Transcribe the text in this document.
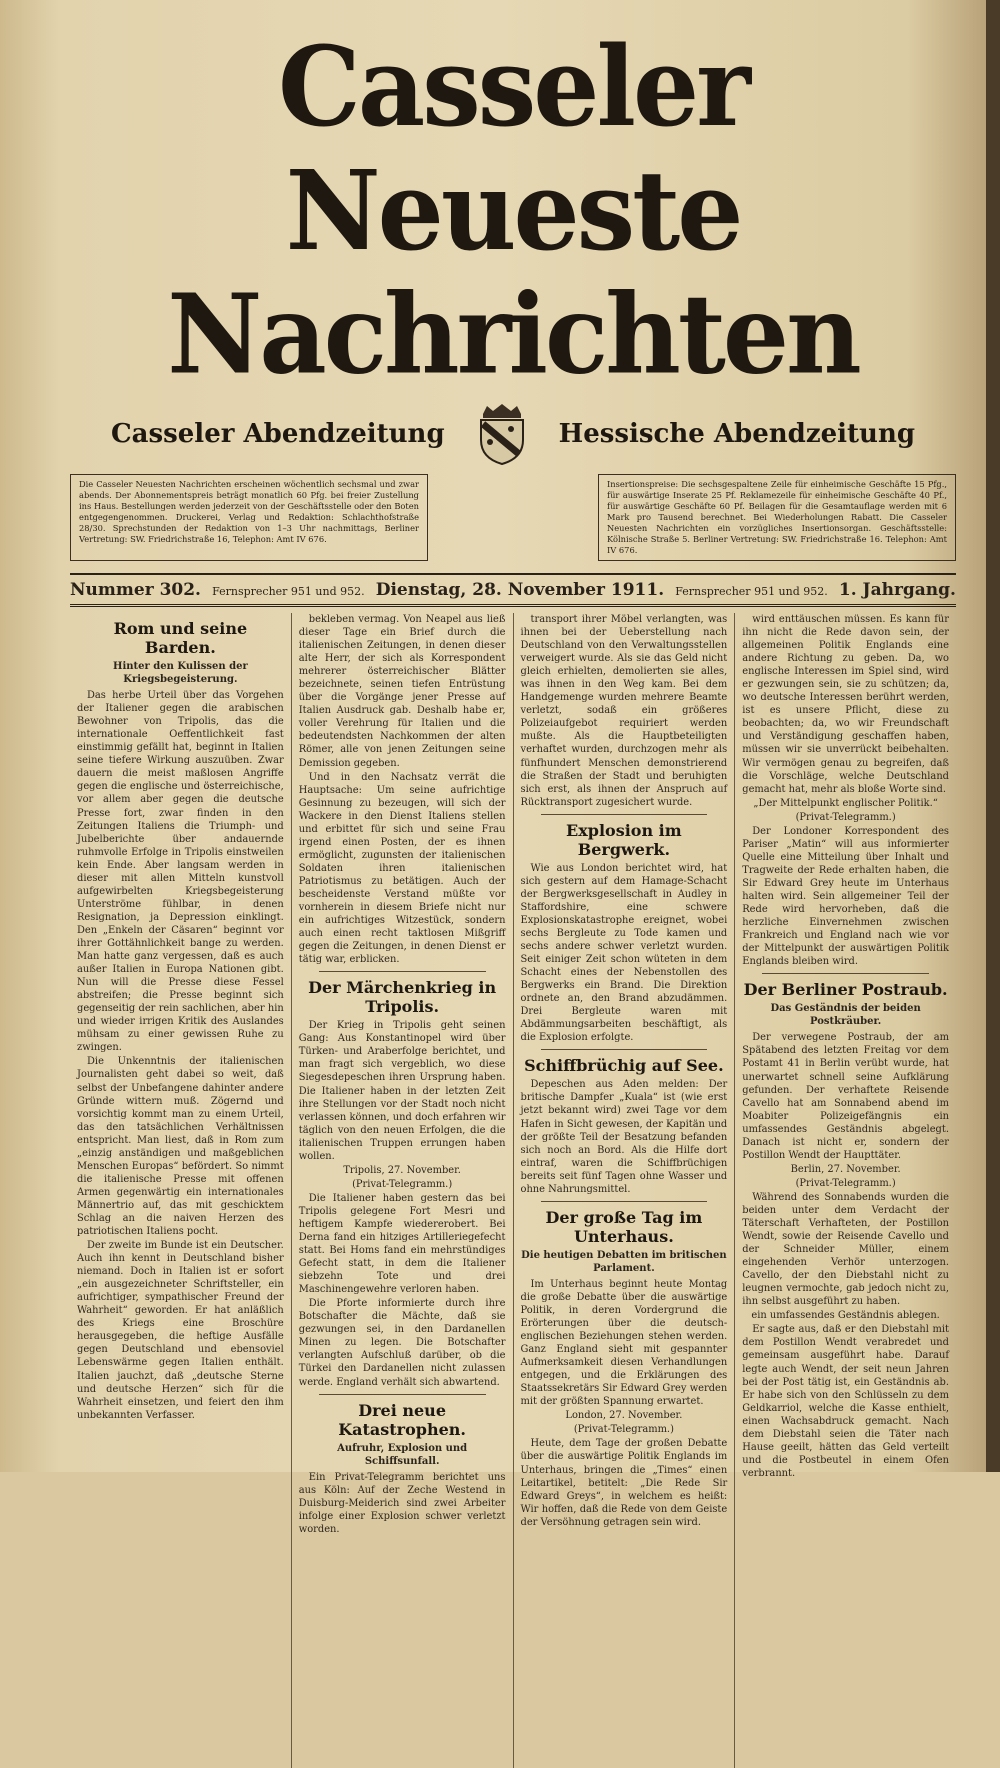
Casseler Neueste Nachrichten
Casseler Abendzeitung	Hessische Abendzeitung
Die Casseler Neuesten Nachrichten erscheinen wöchentlich sechsmal und zwar abends. Der Abonnementspreis beträgt monatlich 60 Pfg. bei freier Zustellung ins Haus. Bestellungen werden jederzeit von der Geschäftsstelle oder den Boten entgegengenommen. Druckerei, Verlag und Redaktion: Schlachthofstraße 28/30. Sprechstunden der Redaktion von 1–3 Uhr nachmittags, Berliner Vertretung: SW. Friedrichstraße 16, Telephon: Amt IV 676.
Insertionspreise: Die sechsgespaltene Zeile für einheimische Geschäfte 15 Pfg., für auswärtige Inserate 25 Pf. Reklamezeile für einheimische Geschäfte 40 Pf., für auswärtige Geschäfte 60 Pf. Beilagen für die Gesamtauflage werden mit 6 Mark pro Tausend berechnet. Bei Wiederholungen Rabatt. Die Casseler Neuesten Nachrichten ein vorzügliches Insertionsorgan. Geschäftsstelle: Kölnische Straße 5. Berliner Vertretung: SW. Friedrichstraße 16. Telephon: Amt IV 676.
Nummer 302. Fernsprecher 951 und 952. Dienstag, 28. November 1911. Fernsprecher 951 und 952. 1. Jahrgang.
Rom und seine Barden.
Hinter den Kulissen der Kriegsbegeisterung.

Das herbe Urteil über das Vorgehen der Italiener gegen die arabischen Bewohner von Tripolis, das die internationale Oeffentlichkeit fast einstimmig gefällt hat, beginnt in Italien seine tiefere Wirkung auszuüben. Zwar dauern die meist maßlosen Angriffe gegen die englische und österreichische, vor allem aber gegen die deutsche Presse fort, zwar finden in den Zeitungen Italiens die Triumph- und Jubelberichte über andauernde ruhmvolle Erfolge in Tripolis einstweilen kein Ende. Aber langsam werden in dieser mit allen Mitteln kunstvoll aufgewirbelten Kriegsbegeisterung Unterströme fühlbar, in denen Resignation, ja Depression einklingt. Den „Enkeln der Cäsaren“ beginnt vor ihrer Gottähnlichkeit bange zu werden. Man hatte ganz vergessen, daß es auch außer Italien in Europa Nationen gibt. Nun will die Presse diese Fessel abstreifen; die Presse beginnt sich gegenseitig der rein sachlichen, aber hin und wieder irrigen Kritik des Auslandes mühsam zu einer gewissen Ruhe zu zwingen.

Die Unkenntnis der italienischen Journalisten geht dabei so weit, daß selbst der Unbefangene dahinter andere Gründe wittern muß. Zögernd und vorsichtig kommt man zu einem Urteil, das den tatsächlichen Verhältnissen entspricht. Man liest, daß in Rom zum „einzig anständigen und maßgeblichen Menschen Europas“ befördert. So nimmt die italienische Presse mit offenen Armen gegenwärtig ein internationales Männertrio auf, das mit geschicktem Schlag an die naiven Herzen des patriotischen Italiens pocht.

Der zweite im Bunde ist ein Deutscher. Auch ihn kennt in Deutschland bisher niemand. Doch in Italien ist er sofort „ein ausgezeichneter Schriftsteller, ein aufrichtiger, sympathischer Freund der Wahrheit“ geworden. Er hat anläßlich des Kriegs eine Broschüre herausgegeben, die heftige Ausfälle gegen Deutschland und ebensoviel Lebenswärme gegen Italien enthält. Italien jauchzt, daß „deutsche Sterne und deutsche Herzen“ sich für die Wahrheit einsetzen, und feiert den ihm unbekannten Verfasser.

bekleben vermag. Von Neapel aus ließ dieser Tage ein Brief durch die italienischen Zeitungen, in denen dieser alte Herr, der sich als Korrespondent mehrerer österreichischer Blätter bezeichnete, seinen tiefen Entrüstung über die Vorgänge jener Presse auf Italien Ausdruck gab. Deshalb habe er, voller Verehrung für Italien und die bedeutendsten Nachkommen der alten Römer, alle von jenen Zeitungen seine Demission gegeben.

Und in den Nachsatz verrät die Hauptsache: Um seine aufrichtige Gesinnung zu bezeugen, will sich der Wackere in den Dienst Italiens stellen und erbittet für sich und seine Frau irgend einen Posten, der es ihnen ermöglicht, zugunsten der italienischen Soldaten ihren italienischen Patriotismus zu betätigen. Auch der bescheidenste Verstand müßte vor vornherein in diesem Briefe nicht nur ein aufrichtiges Witzestück, sondern auch einen recht taktlosen Mißgriff gegen die Zeitungen, in denen Dienst er tätig war, erblicken.

Der Märchenkrieg in Tripolis.

Der Krieg in Tripolis geht seinen Gang: Aus Konstantinopel wird über Türken- und Araberfolge berichtet, und man fragt sich vergeblich, wo diese Siegesdepeschen ihren Ursprung haben. Die Italiener haben in der letzten Zeit ihre Stellungen vor der Stadt noch nicht verlassen können, und doch erfahren wir täglich von den neuen Erfolgen, die die italienischen Truppen errungen haben wollen.

Tripolis, 27. November.

(Privat-Telegramm.)

Die Italiener haben gestern das bei Tripolis gelegene Fort Mesri und heftigem Kampfe wiedererobert. Bei Derna fand ein hitziges Artilleriegefecht statt. Bei Homs fand ein mehrstündiges Gefecht statt, in dem die Italiener siebzehn Tote und drei Maschinengewehre verloren haben.

Die Pforte informierte durch ihre Botschafter die Mächte, daß sie gezwungen sei, in den Dardanellen Minen zu legen. Die Botschafter verlangten Aufschluß darüber, ob die Türkei den Dardanellen nicht zulassen werde. England verhält sich abwartend.

Drei neue Katastrophen.
Aufruhr, Explosion und Schiffsunfall.

Ein Privat-Telegramm berichtet uns aus Köln: Auf der Zeche Westend in Duisburg-Meiderich sind zwei Arbeiter infolge einer Explosion schwer verletzt worden.

transport ihrer Möbel verlangten, was ihnen bei der Ueberstellung nach Deutschland von den Verwaltungsstellen verweigert wurde. Als sie das Geld nicht gleich erhielten, demolierten sie alles, was ihnen in den Weg kam. Bei dem Handgemenge wurden mehrere Beamte verletzt, sodaß ein größeres Polizeiaufgebot requiriert werden mußte. Als die Hauptbeteiligten verhaftet wurden, durchzogen mehr als fünfhundert Menschen demonstrierend die Straßen der Stadt und beruhigten sich erst, als ihnen der Anspruch auf Rücktransport zugesichert wurde.

Explosion im Bergwerk.

Wie aus London berichtet wird, hat sich gestern auf dem Hamage-Schacht der Bergwerksgesellschaft in Audley in Staffordshire, eine schwere Explosionskatastrophe ereignet, wobei sechs Bergleute zu Tode kamen und sechs andere schwer verletzt wurden. Seit einiger Zeit schon wüteten in dem Schacht eines der Nebenstollen des Bergwerks ein Brand. Die Direktion ordnete an, den Brand abzudämmen. Drei Bergleute waren mit Abdämmungsarbeiten beschäftigt, als die Explosion erfolgte.

Schiffbrüchig auf See.

Depeschen aus Aden melden: Der britische Dampfer „Kuala“ ist (wie erst jetzt bekannt wird) zwei Tage vor dem Hafen in Sicht gewesen, der Kapitän und der größte Teil der Besatzung befanden sich noch an Bord. Als die Hilfe dort eintraf, waren die Schiffbrüchigen bereits seit fünf Tagen ohne Wasser und ohne Nahrungsmittel.

Der große Tag im Unterhaus.
Die heutigen Debatten im britischen Parlament.

Im Unterhaus beginnt heute Montag die große Debatte über die auswärtige Politik, in deren Vordergrund die Erörterungen über die deutsch-englischen Beziehungen stehen werden. Ganz England sieht mit gespannter Aufmerksamkeit diesen Verhandlungen entgegen, und die Erklärungen des Staatssekretärs Sir Edward Grey werden mit der größten Spannung erwartet.

London, 27. November.

(Privat-Telegramm.)

Heute, dem Tage der großen Debatte über die auswärtige Politik Englands im Unterhaus, bringen die „Times“ einen Leitartikel, betitelt: „Die Rede Sir Edward Greys“, in welchem es heißt: Wir hoffen, daß die Rede von dem Geiste der Versöhnung getragen sein wird.

wird enttäuschen müssen. Es kann für ihn nicht die Rede davon sein, der allgemeinen Politik Englands eine andere Richtung zu geben. Da, wo englische Interessen im Spiel sind, wird er gezwungen sein, sie zu schützen; da, wo deutsche Interessen berührt werden, ist es unsere Pflicht, diese zu beobachten; da, wo wir Freundschaft und Verständigung geschaffen haben, müssen wir sie unverrückt beibehalten. Wir vermögen genau zu begreifen, daß die Vorschläge, welche Deutschland gemacht hat, mehr als bloße Worte sind.

„Der Mittelpunkt englischer Politik.“

(Privat-Telegramm.)

Der Londoner Korrespondent des Pariser „Matin“ will aus informierter Quelle eine Mitteilung über Inhalt und Tragweite der Rede erhalten haben, die Sir Edward Grey heute im Unterhaus halten wird. Sein allgemeiner Teil der Rede wird hervorheben, daß die herzliche Einvernehmen zwischen Frankreich und England nach wie vor der Mittelpunkt der auswärtigen Politik Englands bleiben wird.

Der Berliner Postraub.
Das Geständnis der beiden Postkräuber.

Der verwegene Postraub, der am Spätabend des letzten Freitag vor dem Postamt 41 in Berlin verübt wurde, hat unerwartet schnell seine Aufklärung gefunden. Der verhaftete Reisende Cavello hat am Sonnabend abend im Moabiter Polizeigefängnis ein umfassendes Geständnis abgelegt. Danach ist nicht er, sondern der Postillon Wendt der Haupttäter.

Berlin, 27. November.

(Privat-Telegramm.)

Während des Sonnabends wurden die beiden unter dem Verdacht der Täterschaft Verhafteten, der Postillon Wendt, sowie der Reisende Cavello und der Schneider Müller, einem eingehenden Verhör unterzogen. Cavello, der den Diebstahl nicht zu leugnen vermochte, gab jedoch nicht zu, ihn selbst ausgeführt zu haben.

ein umfassendes Geständnis ablegen.

Er sagte aus, daß er den Diebstahl mit dem Postillon Wendt verabredet und gemeinsam ausgeführt habe. Darauf legte auch Wendt, der seit neun Jahren bei der Post tätig ist, ein Geständnis ab. Er habe sich von den Schlüsseln zu dem Geldkarriol, welche die Kasse enthielt, einen Wachsabdruck gemacht. Nach dem Diebstahl seien die Täter nach Hause geeilt, hätten das Geld verteilt und die Postbeutel in einem Ofen verbrannt.
